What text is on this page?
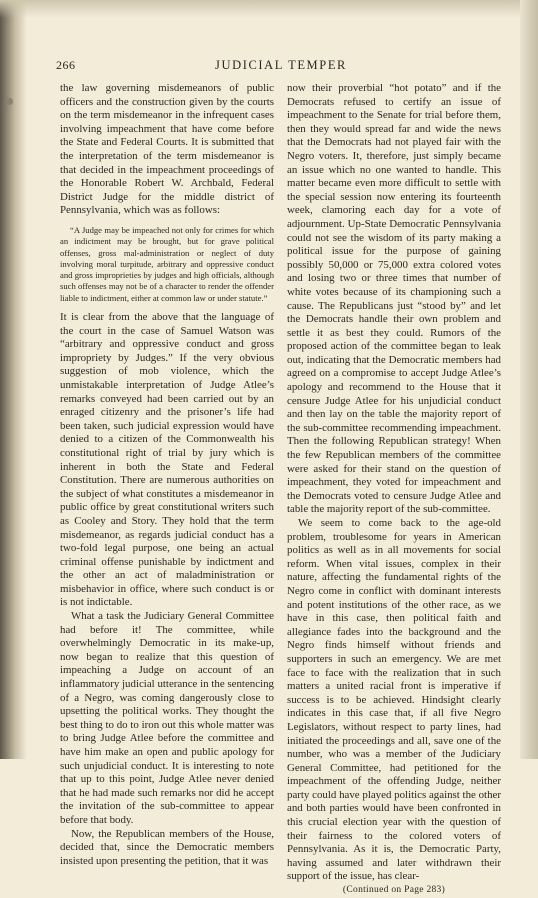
266	JUDICIAL TEMPER

the law governing misdemeanors of public officers and the construction given by the courts on the term misdemeanor in the infrequent cases involving impeachment that have come before the State and Federal Courts. It is submitted that the interpretation of the term misdemeanor is that decided in the impeachment proceedings of the Honorable Robert W. Archbald, Federal District Judge for the middle district of Pennsylvania, which was as follows:

“A Judge may be impeached not only for crimes for which an indictment may be brought, but for grave political offenses, gross mal-administration or neglect of duty involving moral turpitude, arbitrary and oppressive conduct and gross improprieties by judges and high officials, although such offenses may not be of a character to render the offender liable to indictment, either at common law or under statute.”

It is clear from the above that the language of the court in the case of Samuel Watson was “arbitrary and oppressive conduct and gross impropriety by Judges.” If the very obvious suggestion of mob violence, which the unmistakable interpretation of Judge Atlee’s remarks conveyed had been carried out by an enraged citizenry and the prisoner’s life had been taken, such judicial expression would have denied to a citizen of the Commonwealth his constitutional right of trial by jury which is inherent in both the State and Federal Constitution. There are numerous authorities on the subject of what constitutes a misdemeanor in public office by great constitutional writers such as Cooley and Story. They hold that the term misdemeanor, as regards judicial conduct has a two-fold legal purpose, one being an actual criminal offense punishable by indictment and the other an act of maladministration or misbehavior in office, where such conduct is or is not indictable.

What a task the Judiciary General Committee had before it! The committee, while overwhelmingly Democratic in its make-up, now began to realize that this question of impeaching a Judge on account of an inflammatory judicial utterance in the sentencing of a Negro, was coming dangerously close to upsetting the political works. They thought the best thing to do to iron out this whole matter was to bring Judge Atlee before the committee and have him make an open and public apology for such unjudicial conduct. It is interesting to note that up to this point, Judge Atlee never denied that he had made such remarks nor did he accept the invitation of the sub-committee to appear before that body.

Now, the Republican members of the House, decided that, since the Democratic members insisted upon presenting the petition, that it was

now their proverbial “hot potato” and if the Democrats refused to certify an issue of impeachment to the Senate for trial before them, then they would spread far and wide the news that the Democrats had not played fair with the Negro voters. It, therefore, just simply became an issue which no one wanted to handle. This matter became even more difficult to settle with the special session now entering its fourteenth week, clamoring each day for a vote of adjournment. Up-State Democratic Pennsylvania could not see the wisdom of its party making a political issue for the purpose of gaining possibly 50,000 or 75,000 extra colored votes and losing two or three times that number of white votes because of its championing such a cause. The Republicans just “stood by” and let the Democrats handle their own problem and settle it as best they could. Rumors of the proposed action of the committee began to leak out, indicating that the Democratic members had agreed on a compromise to accept Judge Atlee’s apology and recommend to the House that it censure Judge Atlee for his unjudicial conduct and then lay on the table the majority report of the sub-committee recommending impeachment. Then the following Republican strategy! When the few Republican members of the committee were asked for their stand on the question of impeachment, they voted for impeachment and the Democrats voted to censure Judge Atlee and table the majority report of the sub-committee.

We seem to come back to the age-old problem, troublesome for years in American politics as well as in all movements for social reform. When vital issues, complex in their nature, affecting the fundamental rights of the Negro come in conflict with dominant interests and potent institutions of the other race, as we have in this case, then political faith and allegiance fades into the background and the Negro finds himself without friends and supporters in such an emergency. We are met face to face with the realization that in such matters a united racial front is imperative if success is to be achieved. Hindsight clearly indicates in this case that, if all five Negro Legislators, without respect to party lines, had initiated the proceedings and all, save one of the number, who was a member of the Judiciary General Committee, had petitioned for the impeachment of the offending Judge, neither party could have played politics against the other and both parties would have been confronted in this crucial election year with the question of their fairness to the colored voters of Pennsylvania. As it is, the Democratic Party, having assumed and later withdrawn their support of the issue, has clear-

(Continued on Page 283)
